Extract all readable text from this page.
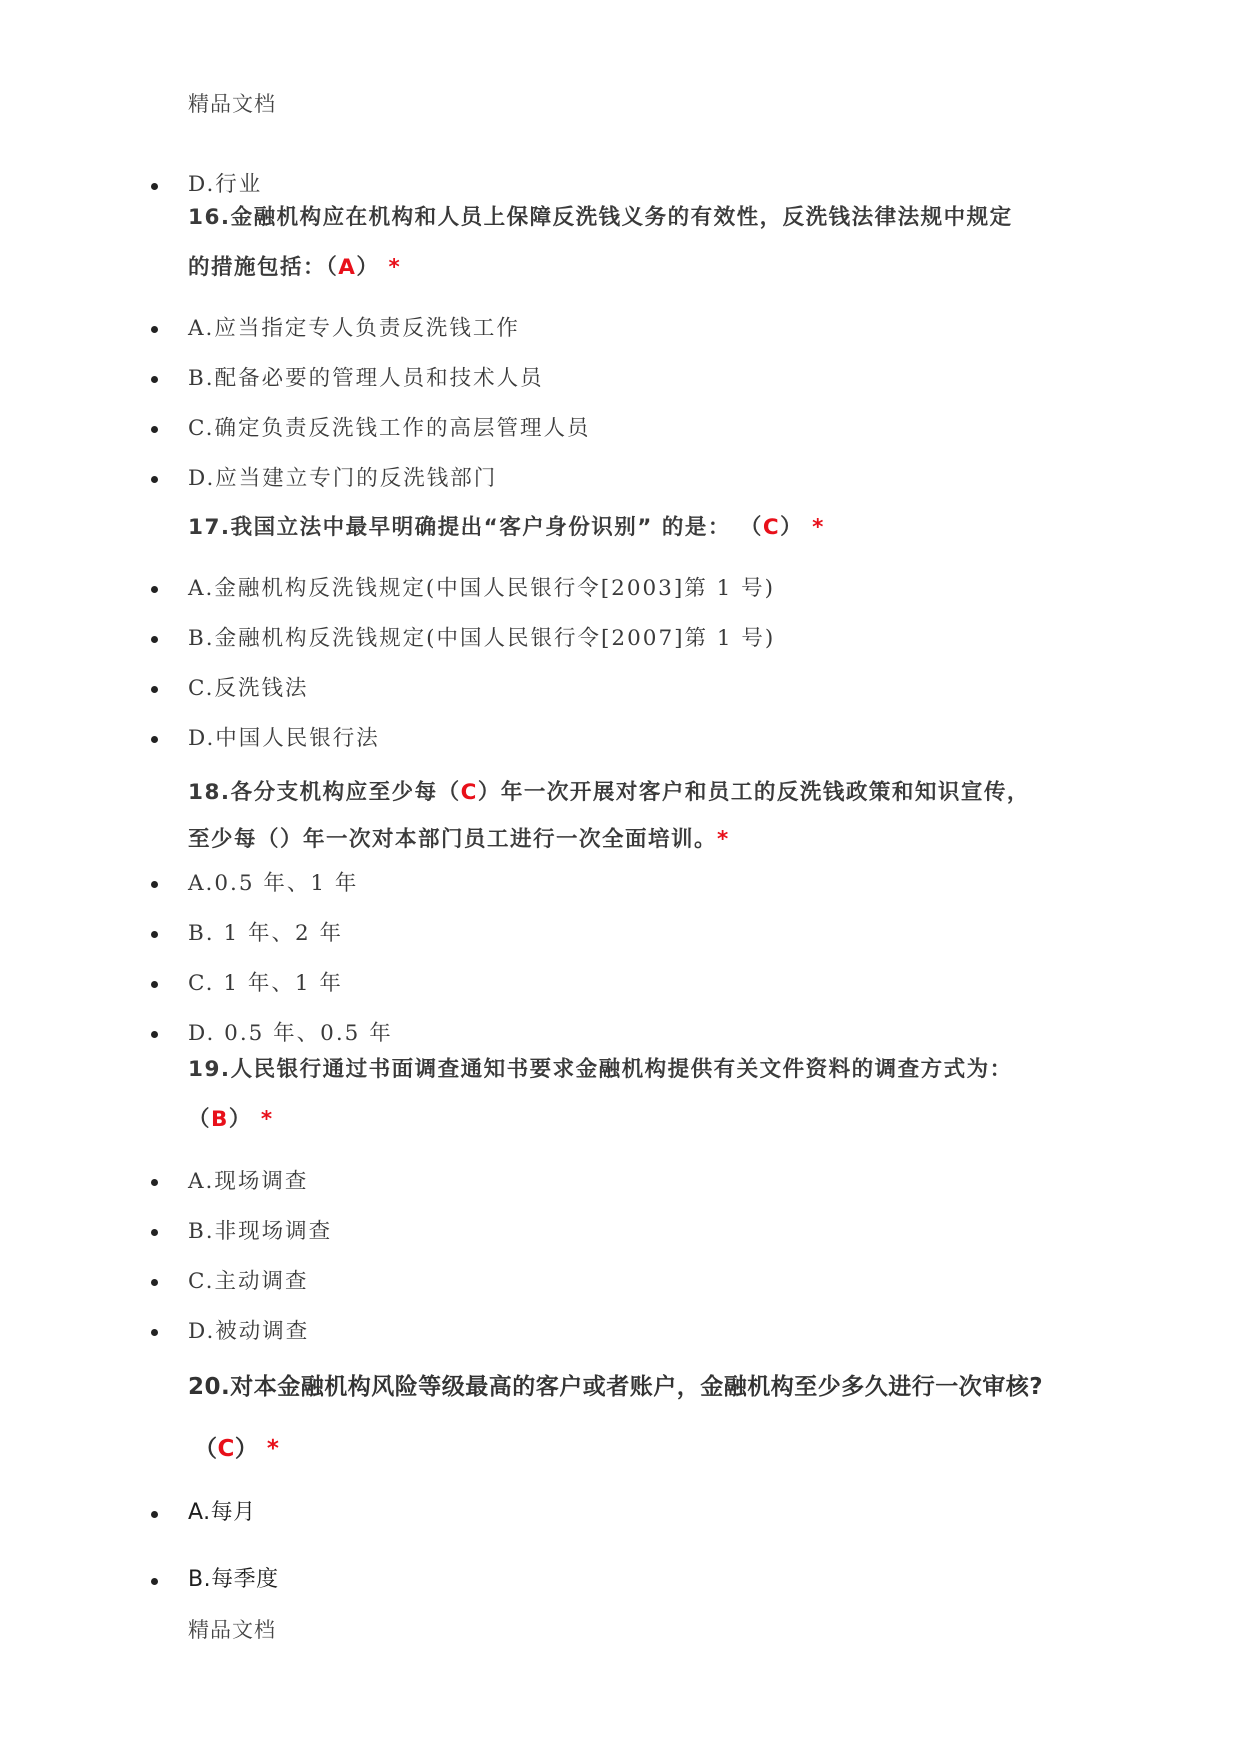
精品文档
D.行业
16.金融机构应在机构和人员上保障反洗钱义务的有效性，反洗钱法律法规中规定
的措施包括：（A） *
A.应当指定专人负责反洗钱工作
B.配备必要的管理人员和技术人员
C.确定负责反洗钱工作的高层管理人员
D.应当建立专门的反洗钱部门
17.我国立法中最早明确提出“客户身份识别” 的是： （C） *
A.金融机构反洗钱规定(中国人民银行令[2003]第 1 号)
B.金融机构反洗钱规定(中国人民银行令[2007]第 1 号)
C.反洗钱法
D.中国人民银行法
18.各分支机构应至少每（C）年一次开展对客户和员工的反洗钱政策和知识宣传，
至少每（）年一次对本部门员工进行一次全面培训。*
A.0.5 年、1 年
B. 1 年、2 年
C. 1 年、1 年
D. 0.5 年、0.5 年
19.人民银行通过书面调查通知书要求金融机构提供有关文件资料的调查方式为：
（B） *
A.现场调查
B.非现场调查
C.主动调查
D.被动调查
20.对本金融机构风险等级最高的客户或者账户，金融机构至少多久进行一次审核?
（C） *
A.每月
B.每季度
精品文档
